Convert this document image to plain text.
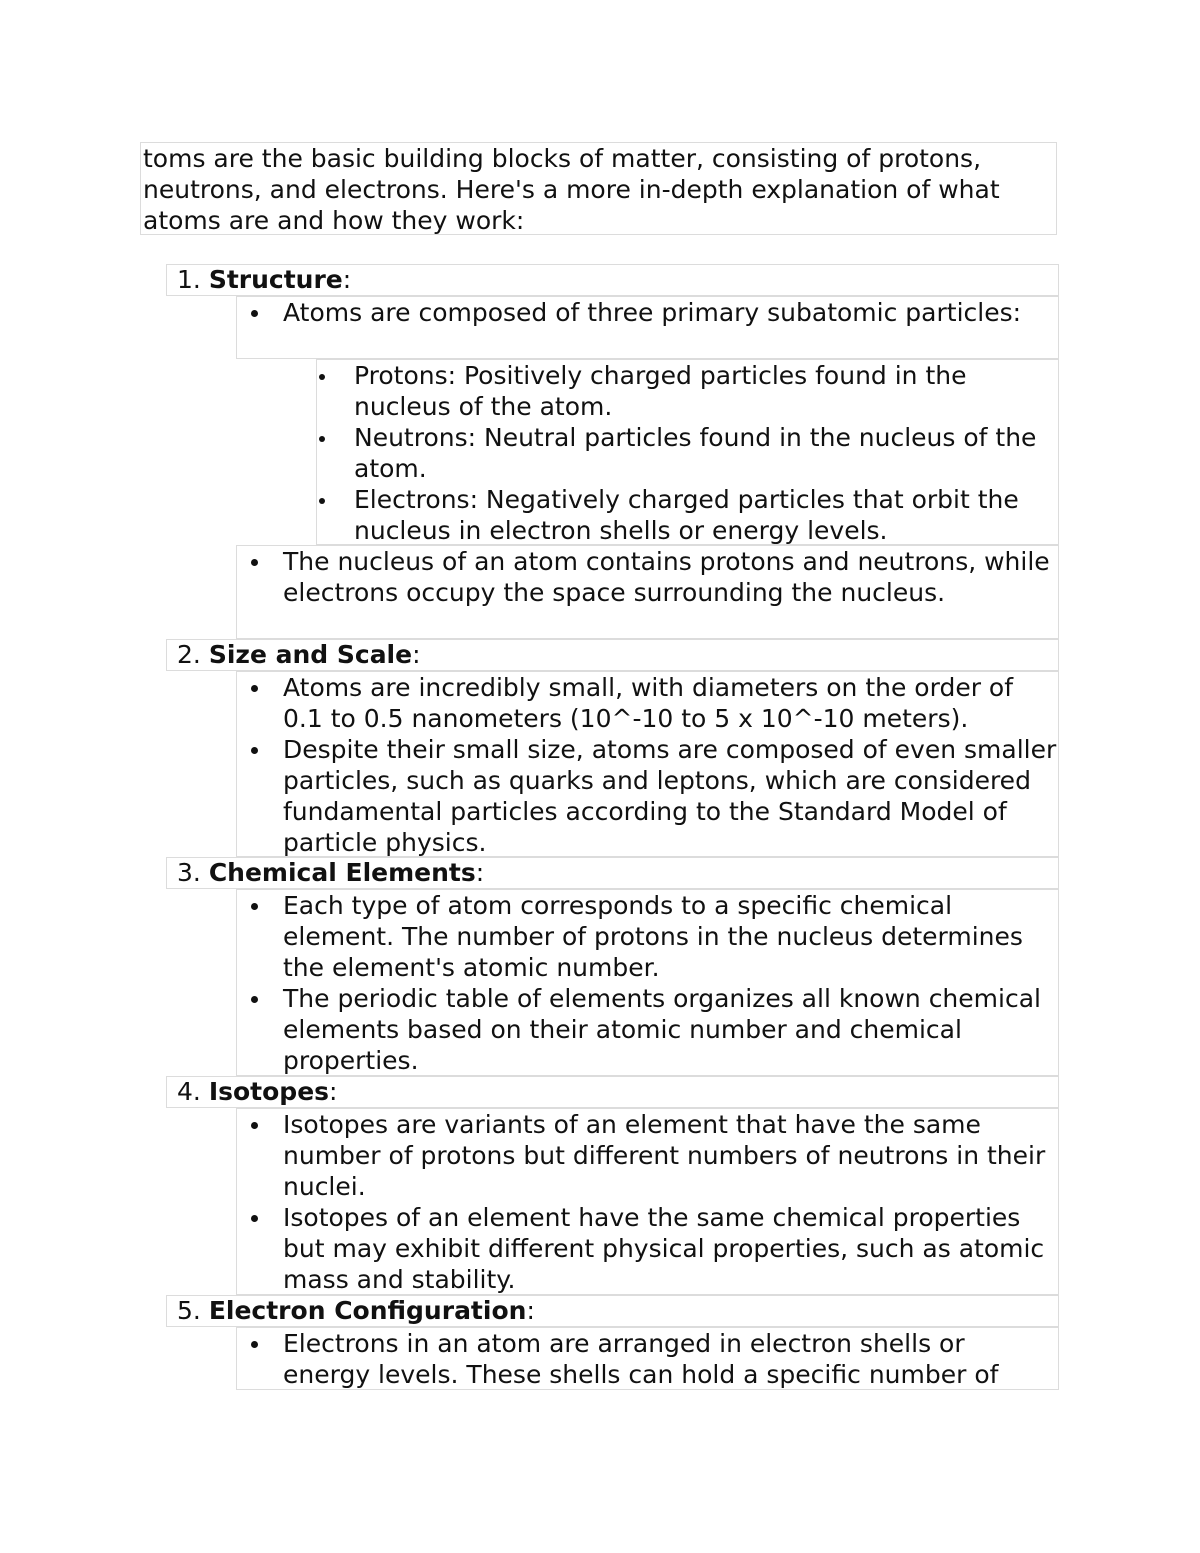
toms are the basic building blocks of matter, consisting of protons, neutrons, and electrons. Here's a more in-depth explanation of what atoms are and how they work:

1. Structure:

Atoms are composed of three primary subatomic particles:

Protons: Positively charged particles found in the nucleus of the atom.

Neutrons: Neutral particles found in the nucleus of the atom.

Electrons: Negatively charged particles that orbit the nucleus in electron shells or energy levels.

The nucleus of an atom contains protons and neutrons, while electrons occupy the space surrounding the nucleus.

2. Size and Scale:

Atoms are incredibly small, with diameters on the order of 0.1 to 0.5 nanometers (10^-10 to 5 x 10^-10 meters).

Despite their small size, atoms are composed of even smaller particles, such as quarks and leptons, which are considered fundamental particles according to the Standard Model of particle physics.

3. Chemical Elements:

Each type of atom corresponds to a specific chemical element. The number of protons in the nucleus determines the element's atomic number.

The periodic table of elements organizes all known chemical elements based on their atomic number and chemical properties.

4. Isotopes:

Isotopes are variants of an element that have the same number of protons but different numbers of neutrons in their nuclei.

Isotopes of an element have the same chemical properties but may exhibit different physical properties, such as atomic mass and stability.

5. Electron Configuration:

Electrons in an atom are arranged in electron shells or energy levels. These shells can hold a specific number of
